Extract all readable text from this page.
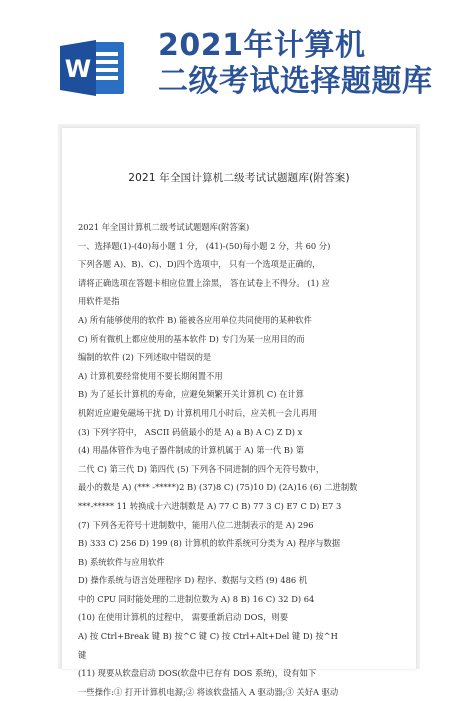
W
2021年计算机
二级考试选择题题库
2021 年全国计算机二级考试试题题库(附答案)

2021 年全国计算机二级考试试题题库(附答案)

一、选择题(1)-(40)每小题 1 分， (41)-(50)每小题 2 分，共 60 分)

下列各题 A)、B)、C)、D)四个选项中， 只有一个选项是正确的，

请将正确选项在答题卡相应位置上涂黑， 答在试卷上不得分。 (1) 应

用软件是指

A) 所有能够使用的软件 B) 能被各应用单位共同使用的某种软件

C) 所有微机上都应使用的基本软件 D) 专门为某一应用目的而

编制的软件 (2) 下列述取中错误的是

A) 计算机要经常使用不要长期闲置不用

B) 为了延长计算机的寿命，应避免频繁开关计算机 C) 在计算

机附近应避免磁场干扰 D) 计算机用几小时后，应关机一会儿再用

(3) 下列字符中， ASCII 码值最小的是 A) a B) A C) Z D) x

(4) 用晶体管作为电子器件制成的计算机属于 A) 第一代 B) 第

二代 C) 第三代 D) 第四代 (5) 下列各不同进制的四个无符号数中，

最小的数是 A) (*** -*****)2 B) (37)8 C) (75)10 D) (2A)16 (6) 二进制数

***-***** 11 转换成十六进制数是 A) 77 C B) 77 3 C) E7 C D) E7 3

(7) 下列各无符号十进制数中，能用八位二进制表示的是 A) 296

B) 333 C) 256 D) 199 (8) 计算机的软件系统可分类为 A) 程序与数据

B) 系统软件与应用软件

D) 操作系统与语言处理程序 D) 程序、数据与文档 (9) 486 机

中的 CPU 同时能处理的二进制位数为 A) 8 B) 16 C) 32 D) 64

(10) 在使用计算机的过程中， 需要重新启动 DOS，则要

A) 按 Ctrl+Break 键 B) 按^C 键 C) 按 Ctrl+Alt+Del 键 D) 按^H

键

(11) 现要从软盘启动 DOS(软盘中已存有 DOS 系统)，设有如下

一些操作:① 打开计算机电源;② 将该软盘插入 A 驱动器;③ 关好A 驱动
